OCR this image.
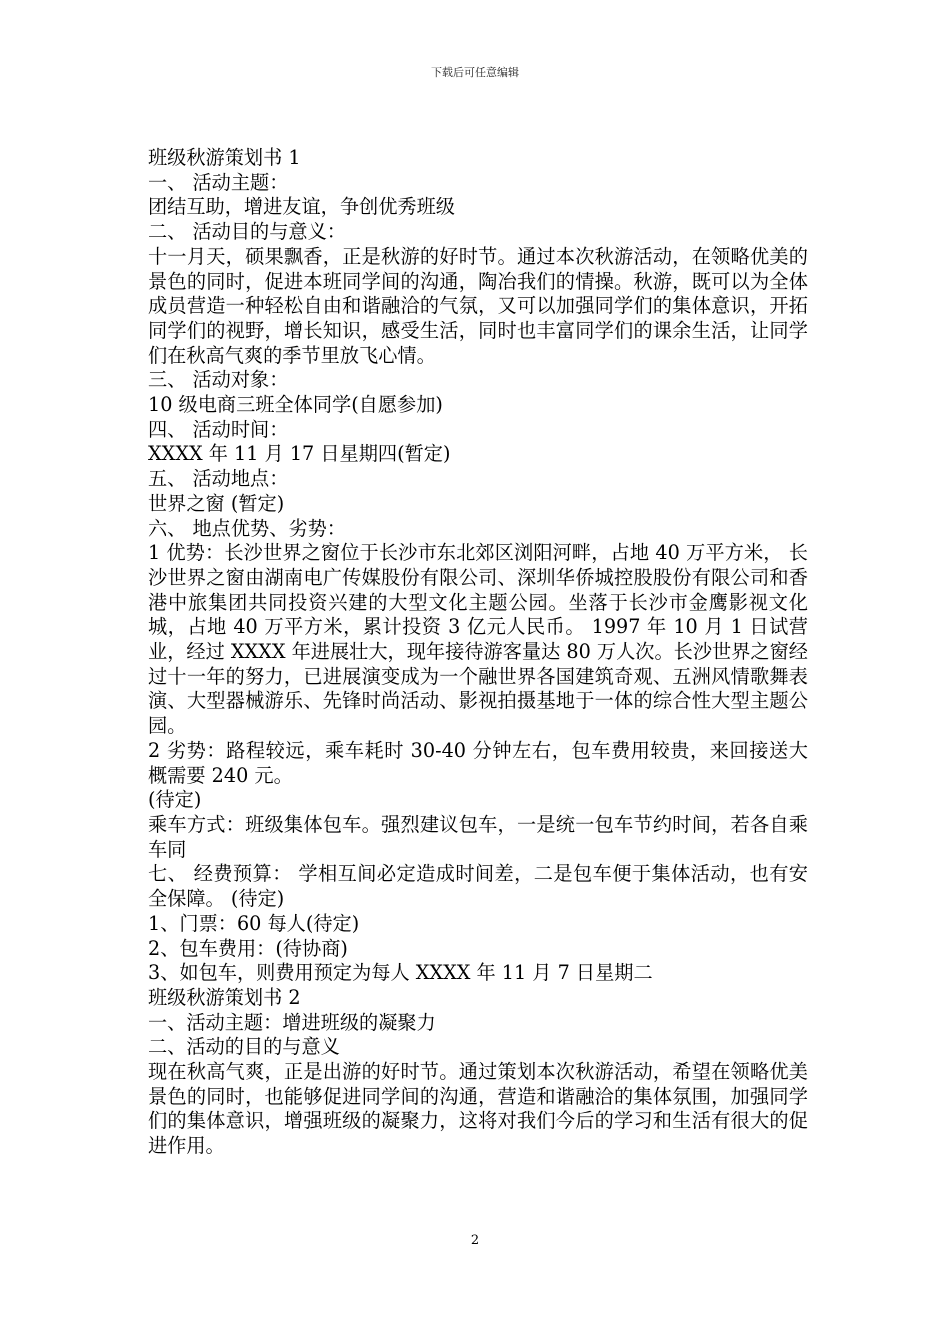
下载后可任意编辑

班级秋游策划书 1

一、 活动主题：

团结互助，增进友谊，争创优秀班级

二、 活动目的与意义：

十一月天，硕果飘香，正是秋游的好时节。通过本次秋游活动，在领略优美的景色的同时，促进本班同学间的沟通，陶冶我们的情操。秋游，既可以为全体成员营造一种轻松自由和谐融洽的气氛，又可以加强同学们的集体意识，开拓同学们的视野，增长知识，感受生活，同时也丰富同学们的课余生活，让同学们在秋高气爽的季节里放飞心情。

三、 活动对象：

10 级电商三班全体同学(自愿参加)

四、 活动时间：

XXXX 年 11 月 17 日星期四(暂定)

五、 活动地点：

世界之窗 (暂定)

六、 地点优势、劣势：

1 优势：长沙世界之窗位于长沙市东北郊区浏阳河畔，占地 40 万平方米， 长沙世界之窗由湖南电广传媒股份有限公司、深圳华侨城控股股份有限公司和香港中旅集团共同投资兴建的大型文化主题公园。坐落于长沙市金鹰影视文化城，占地 40 万平方米，累计投资 3 亿元人民币。 1997 年 10 月 1 日试营业，经过 XXXX 年进展壮大，现年接待游客量达 80 万人次。长沙世界之窗经过十一年的努力，已进展演变成为一个融世界各国建筑奇观、五洲风情歌舞表演、大型器械游乐、先锋时尚活动、影视拍摄基地于一体的综合性大型主题公园。

2 劣势：路程较远，乘车耗时 30-40 分钟左右，包车费用较贵，来回接送大概需要 240 元。

(待定)

乘车方式：班级集体包车。强烈建议包车，一是统一包车节约时间，若各自乘车同

七、 经费预算： 学相互间必定造成时间差，二是包车便于集体活动，也有安全保障。 (待定)

1、门票：60 每人(待定)

2、包车费用：(待协商)

3、如包车，则费用预定为每人 XXXX 年 11 月 7 日星期二

班级秋游策划书 2

一、活动主题：增进班级的凝聚力

二、活动的目的与意义

现在秋高气爽，正是出游的好时节。通过策划本次秋游活动，希望在领略优美景色的同时，也能够促进同学间的沟通，营造和谐融洽的集体氛围，加强同学们的集体意识，增强班级的凝聚力，这将对我们今后的学习和生活有很大的促进作用。

2
